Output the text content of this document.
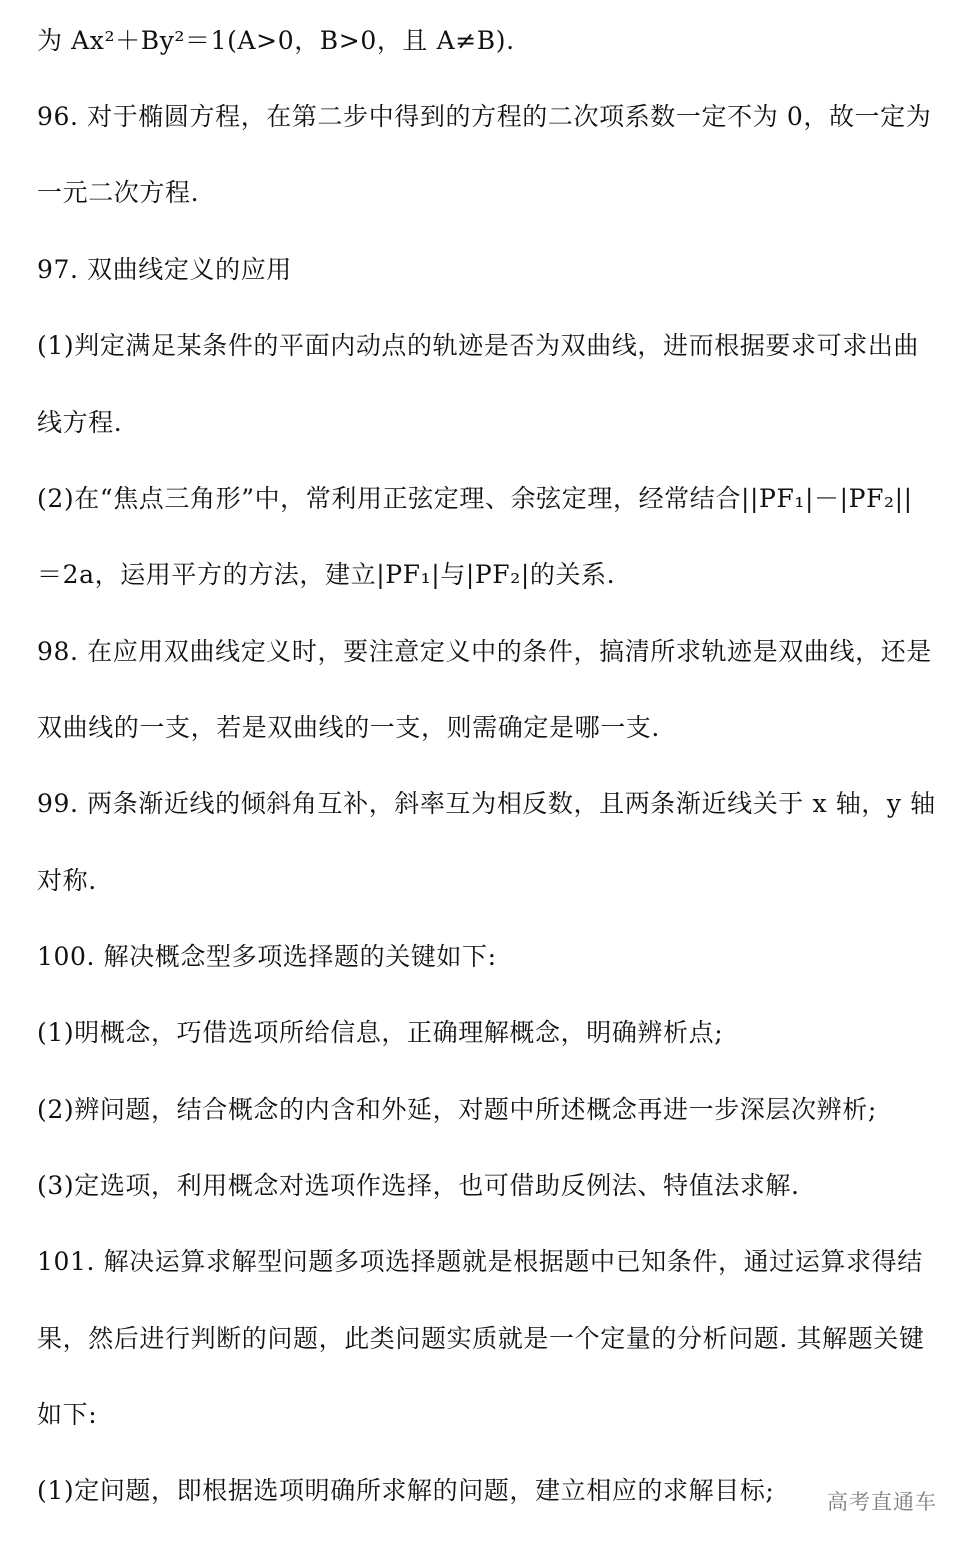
为 Ax²＋By²＝1(A>0，B>0，且 A≠B).
96. 对于椭圆方程，在第二步中得到的方程的二次项系数一定不为 0，故一定为
一元二次方程.
97. 双曲线定义的应用
(1)判定满足某条件的平面内动点的轨迹是否为双曲线，进而根据要求可求出曲
线方程.
(2)在“焦点三角形”中，常利用正弦定理、余弦定理，经常结合||PF₁|－|PF₂||
＝2a，运用平方的方法，建立|PF₁|与|PF₂|的关系.
98. 在应用双曲线定义时，要注意定义中的条件，搞清所求轨迹是双曲线，还是
双曲线的一支，若是双曲线的一支，则需确定是哪一支.
99. 两条渐近线的倾斜角互补，斜率互为相反数，且两条渐近线关于 x 轴，y 轴
对称.
100. 解决概念型多项选择题的关键如下:
(1)明概念，巧借选项所给信息，正确理解概念，明确辨析点;
(2)辨问题，结合概念的内含和外延，对题中所述概念再进一步深层次辨析;
(3)定选项，利用概念对选项作选择，也可借助反例法、特值法求解.
101. 解决运算求解型问题多项选择题就是根据题中已知条件，通过运算求得结
果，然后进行判断的问题，此类问题实质就是一个定量的分析问题. 其解题关键
如下:
(1)定问题，即根据选项明确所求解的问题，建立相应的求解目标;	高考直通车
